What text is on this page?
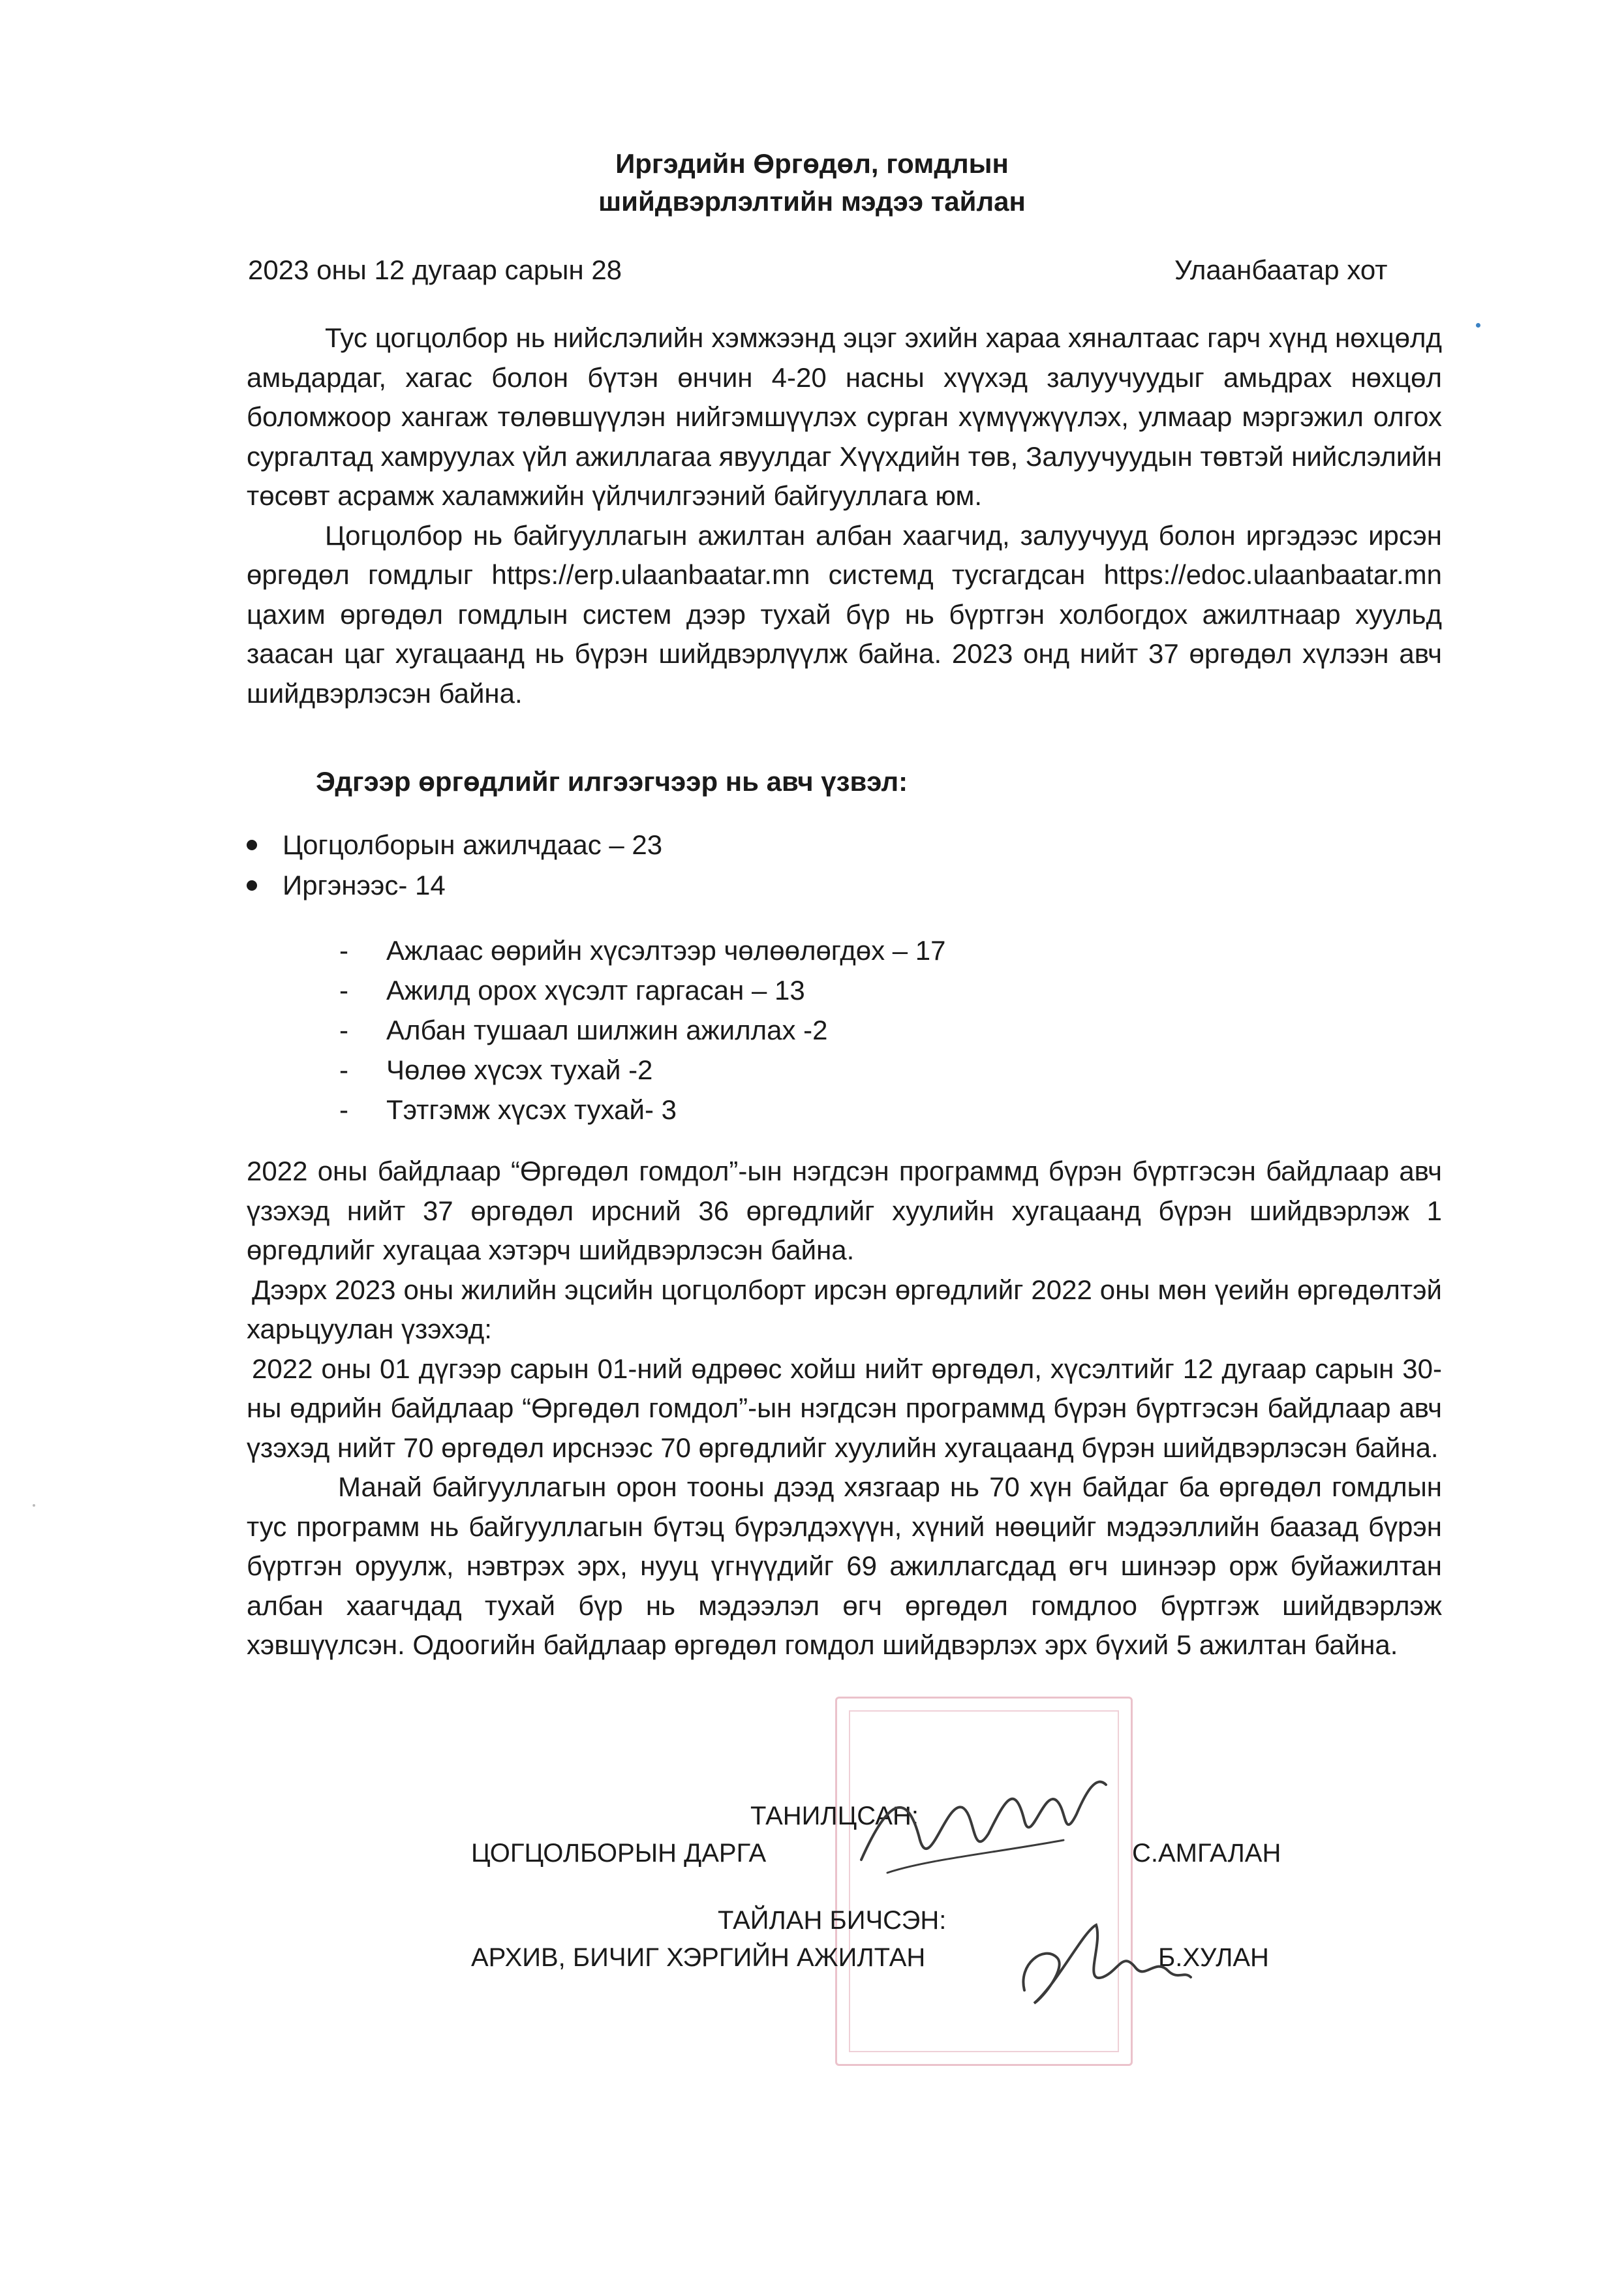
Иргэдийн Өргөдөл, гомдлын
шийдвэрлэлтийн мэдээ тайлан
2023 оны 12 дугаар сарын 28	Улаанбаатар хот

Тус цогцолбор нь нийслэлийн хэмжээнд эцэг эхийн хараа хяналтаас гарч хүнд нөхцөлд амьдардаг, хагас болон бүтэн өнчин 4-20 насны хүүхэд залуучуудыг амьдрах нөхцөл боломжоор хангаж төлөвшүүлэн нийгэмшүүлэх сурган хүмүүжүүлэх, улмаар мэргэжил олгох сургалтад хамруулах үйл ажиллагаа явуулдаг Хүүхдийн төв, Залуучуудын төвтэй нийслэлийн төсөвт асрамж халамжийн үйлчилгээний байгууллага юм.

Цогцолбор нь байгууллагын ажилтан албан хаагчид, залуучууд болон иргэдээс ирсэн өргөдөл гомдлыг https://erp.ulaanbaatar.mn системд тусгагдсан https://edoc.ulaanbaatar.mn цахим өргөдөл гомдлын систем дээр тухай бүр нь бүртгэн холбогдох ажилтнаар хуульд заасан цаг хугацаанд нь бүрэн шийдвэрлүүлж байна. 2023 онд нийт 37 өргөдөл хүлээн авч шийдвэрлэсэн байна.

Эдгээр өргөдлийг илгээгчээр нь авч үзвэл:
Цогцолборын ажилчдаас – 23
Иргэнээс- 14
- Ажлаас өөрийн хүсэлтээр чөлөөлөгдөх – 17
- Ажилд орох хүсэлт гаргасан – 13
- Албан тушаал шилжин ажиллах -2
- Чөлөө хүсэх тухай -2
- Тэтгэмж хүсэх тухай- 3

2022 оны байдлаар “Өргөдөл гомдол”-ын нэгдсэн программд бүрэн бүртгэсэн байдлаар авч үзэхэд нийт 37 өргөдөл ирсний 36 өргөдлийг хуулийн хугацаанд бүрэн шийдвэрлэж 1 өргөдлийг хугацаа хэтэрч шийдвэрлэсэн байна.

Дээрх 2023 оны жилийн эцсийн цогцолборт ирсэн өргөдлийг 2022 оны мөн үеийн өргөдөлтэй харьцуулан үзэхэд:

2022 оны 01 дүгээр сарын 01-ний өдрөөс хойш нийт өргөдөл, хүсэлтийг 12 дугаар сарын 30-ны өдрийн байдлаар “Өргөдөл гомдол”-ын нэгдсэн программд бүрэн бүртгэсэн байдлаар авч үзэхэд нийт 70 өргөдөл ирснээс 70 өргөдлийг хуулийн хугацаанд бүрэн шийдвэрлэсэн байна.

Манай байгууллагын орон тооны дээд хязгаар нь 70 хүн байдаг ба өргөдөл гомдлын тус программ нь байгууллагын бүтэц бүрэлдэхүүн, хүний нөөцийг мэдээллийн баазад бүрэн бүртгэн оруулж, нэвтрэх эрх, нууц үгнүүдийг 69 ажиллагсдад өгч шинээр орж буйажилтан албан хаагчдад тухай бүр нь мэдээлэл өгч өргөдөл гомдлоо бүртгэж шийдвэрлэж хэвшүүлсэн. Одоогийн байдлаар өргөдөл гомдол шийдвэрлэх эрх бүхий 5 ажилтан байна.

ТАНИЛЦСАН:
ЦОГЦОЛБОРЫН ДАРГА	С.АМГАЛАН
ТАЙЛАН БИЧСЭН:
АРХИВ, БИЧИГ ХЭРГИЙН АЖИЛТАН	Б.ХУЛАН
